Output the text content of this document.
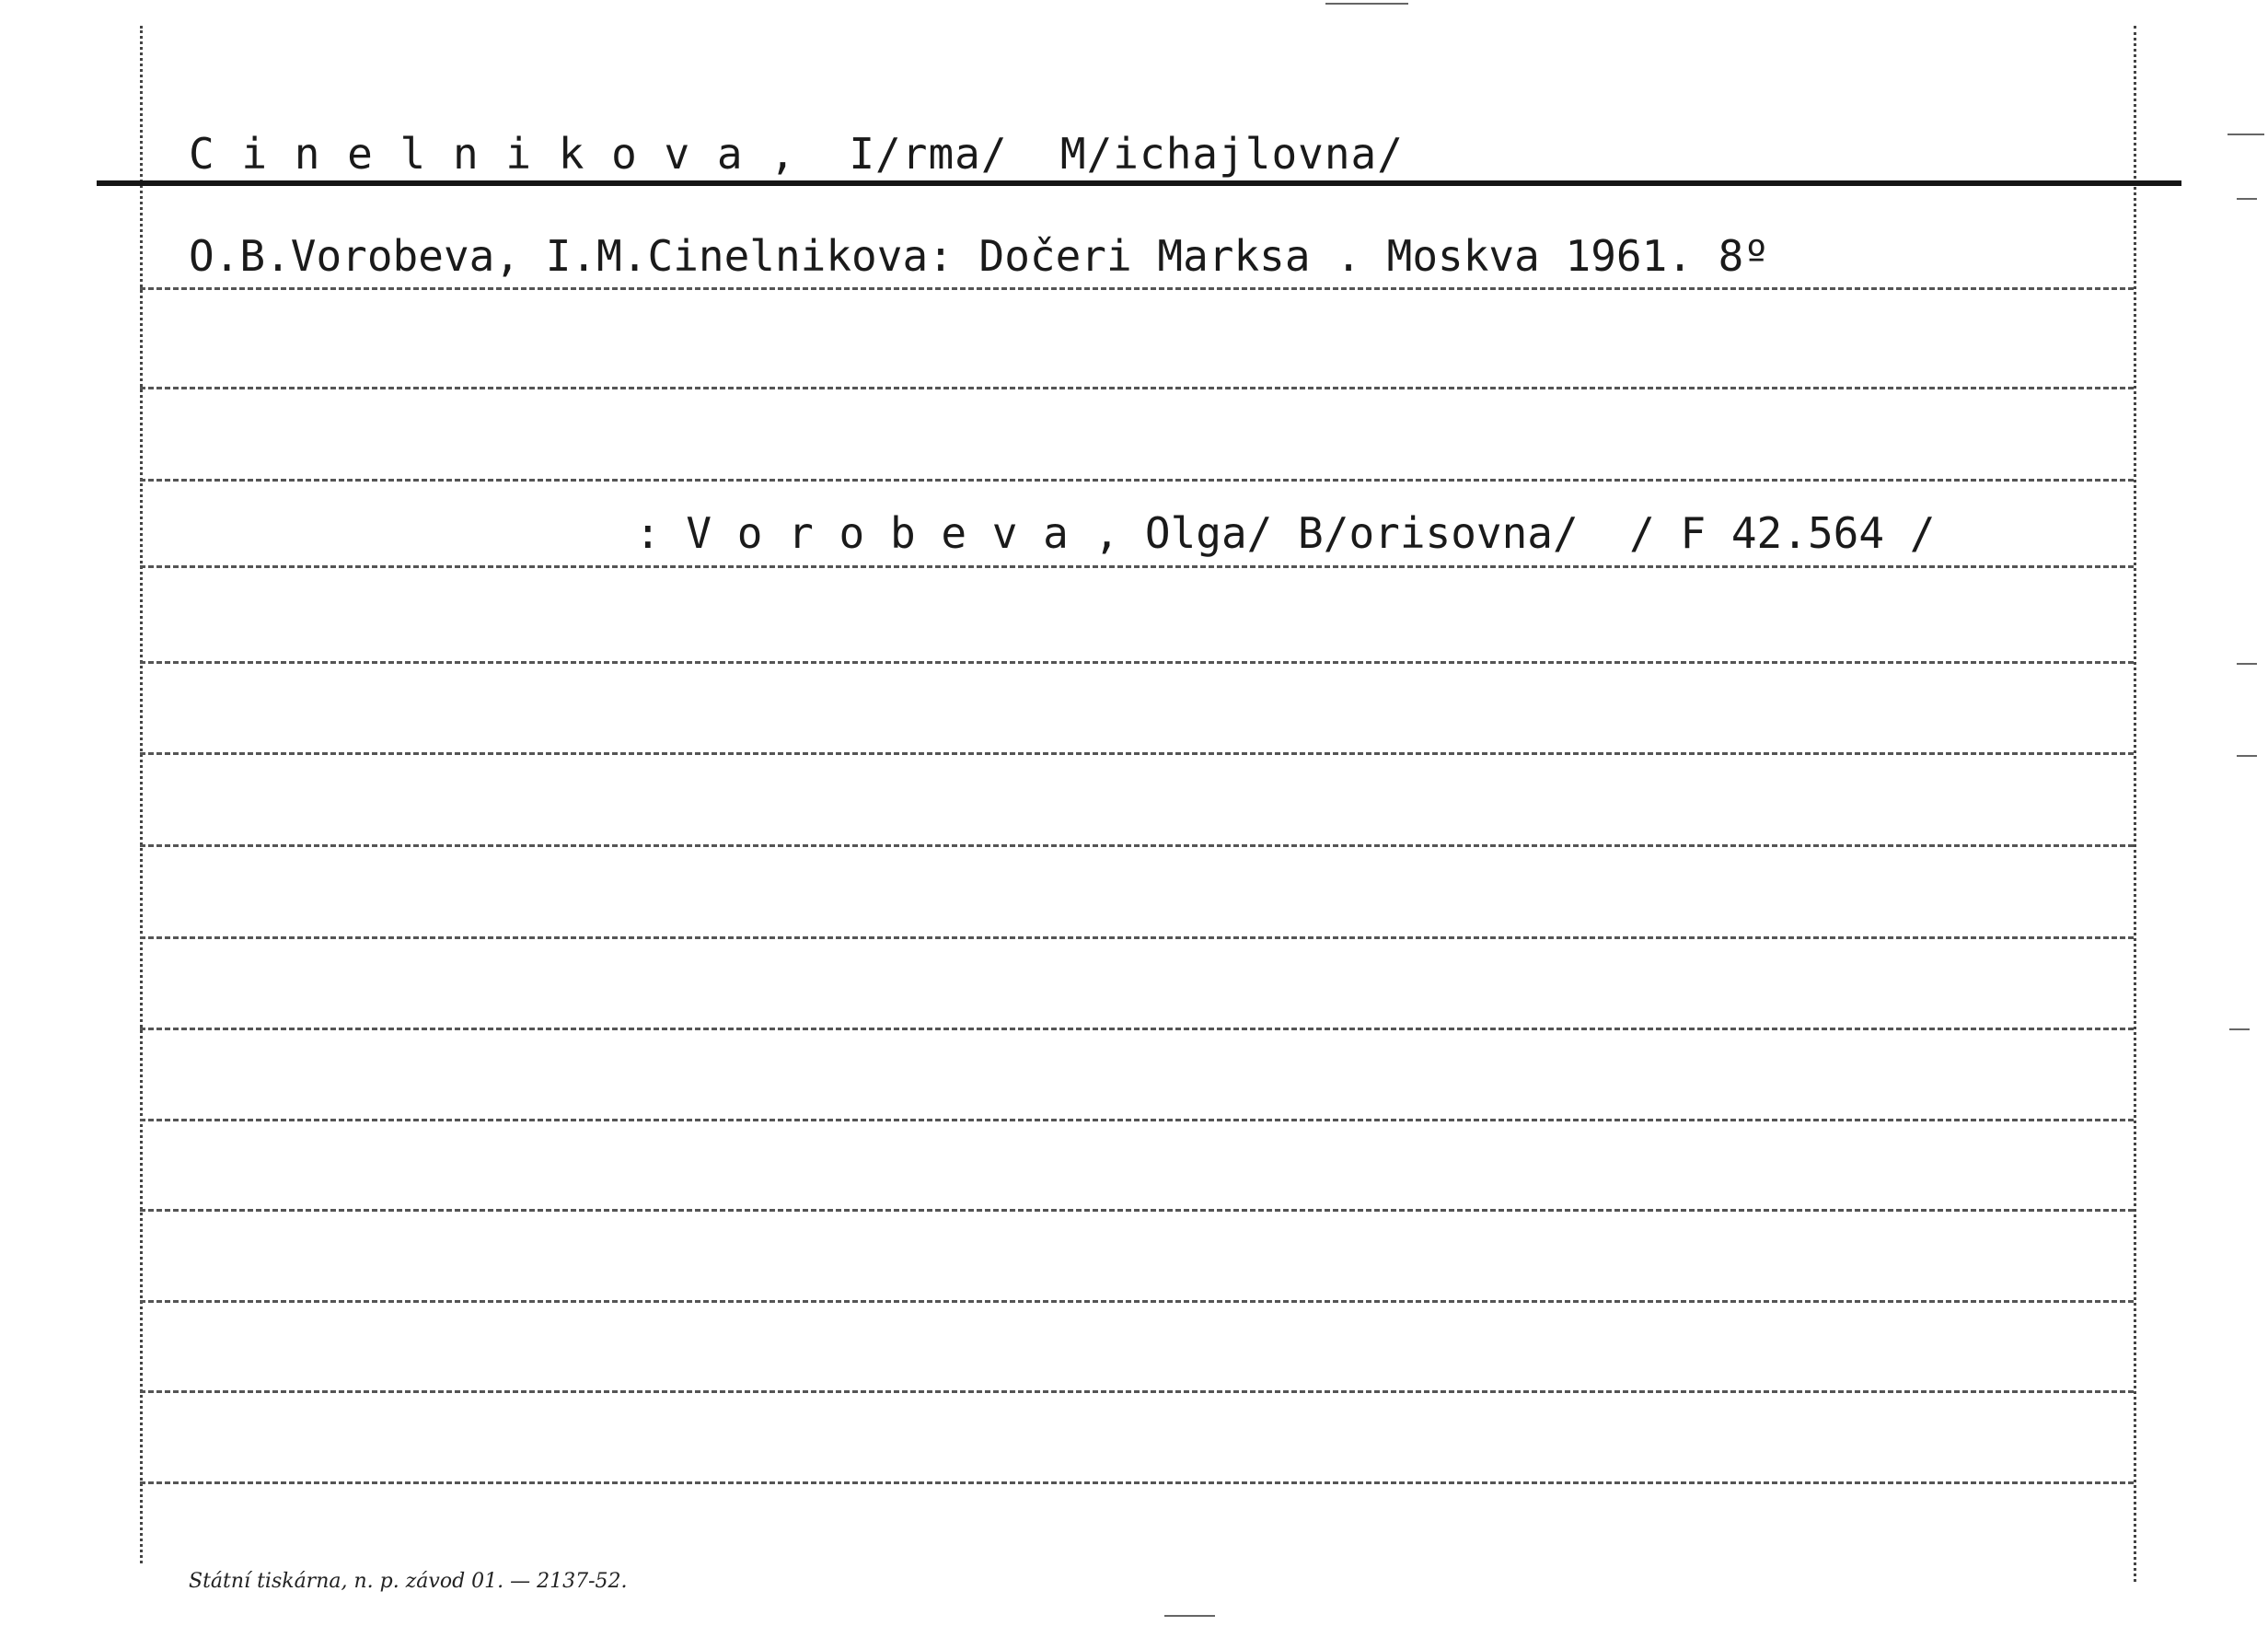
C i n e l n i k o v a ,  I/rma/  M/ichajlovna/
O.B.Vorobeva, I.M.Cinelnikova: Dočeri Marksa . Moskva 1961. 8º
: V o r o b e v a , Olga/ B/orisovna/  / F 42.564 /
Státní tiskárna, n. p. závod 01. — 2137-52.
